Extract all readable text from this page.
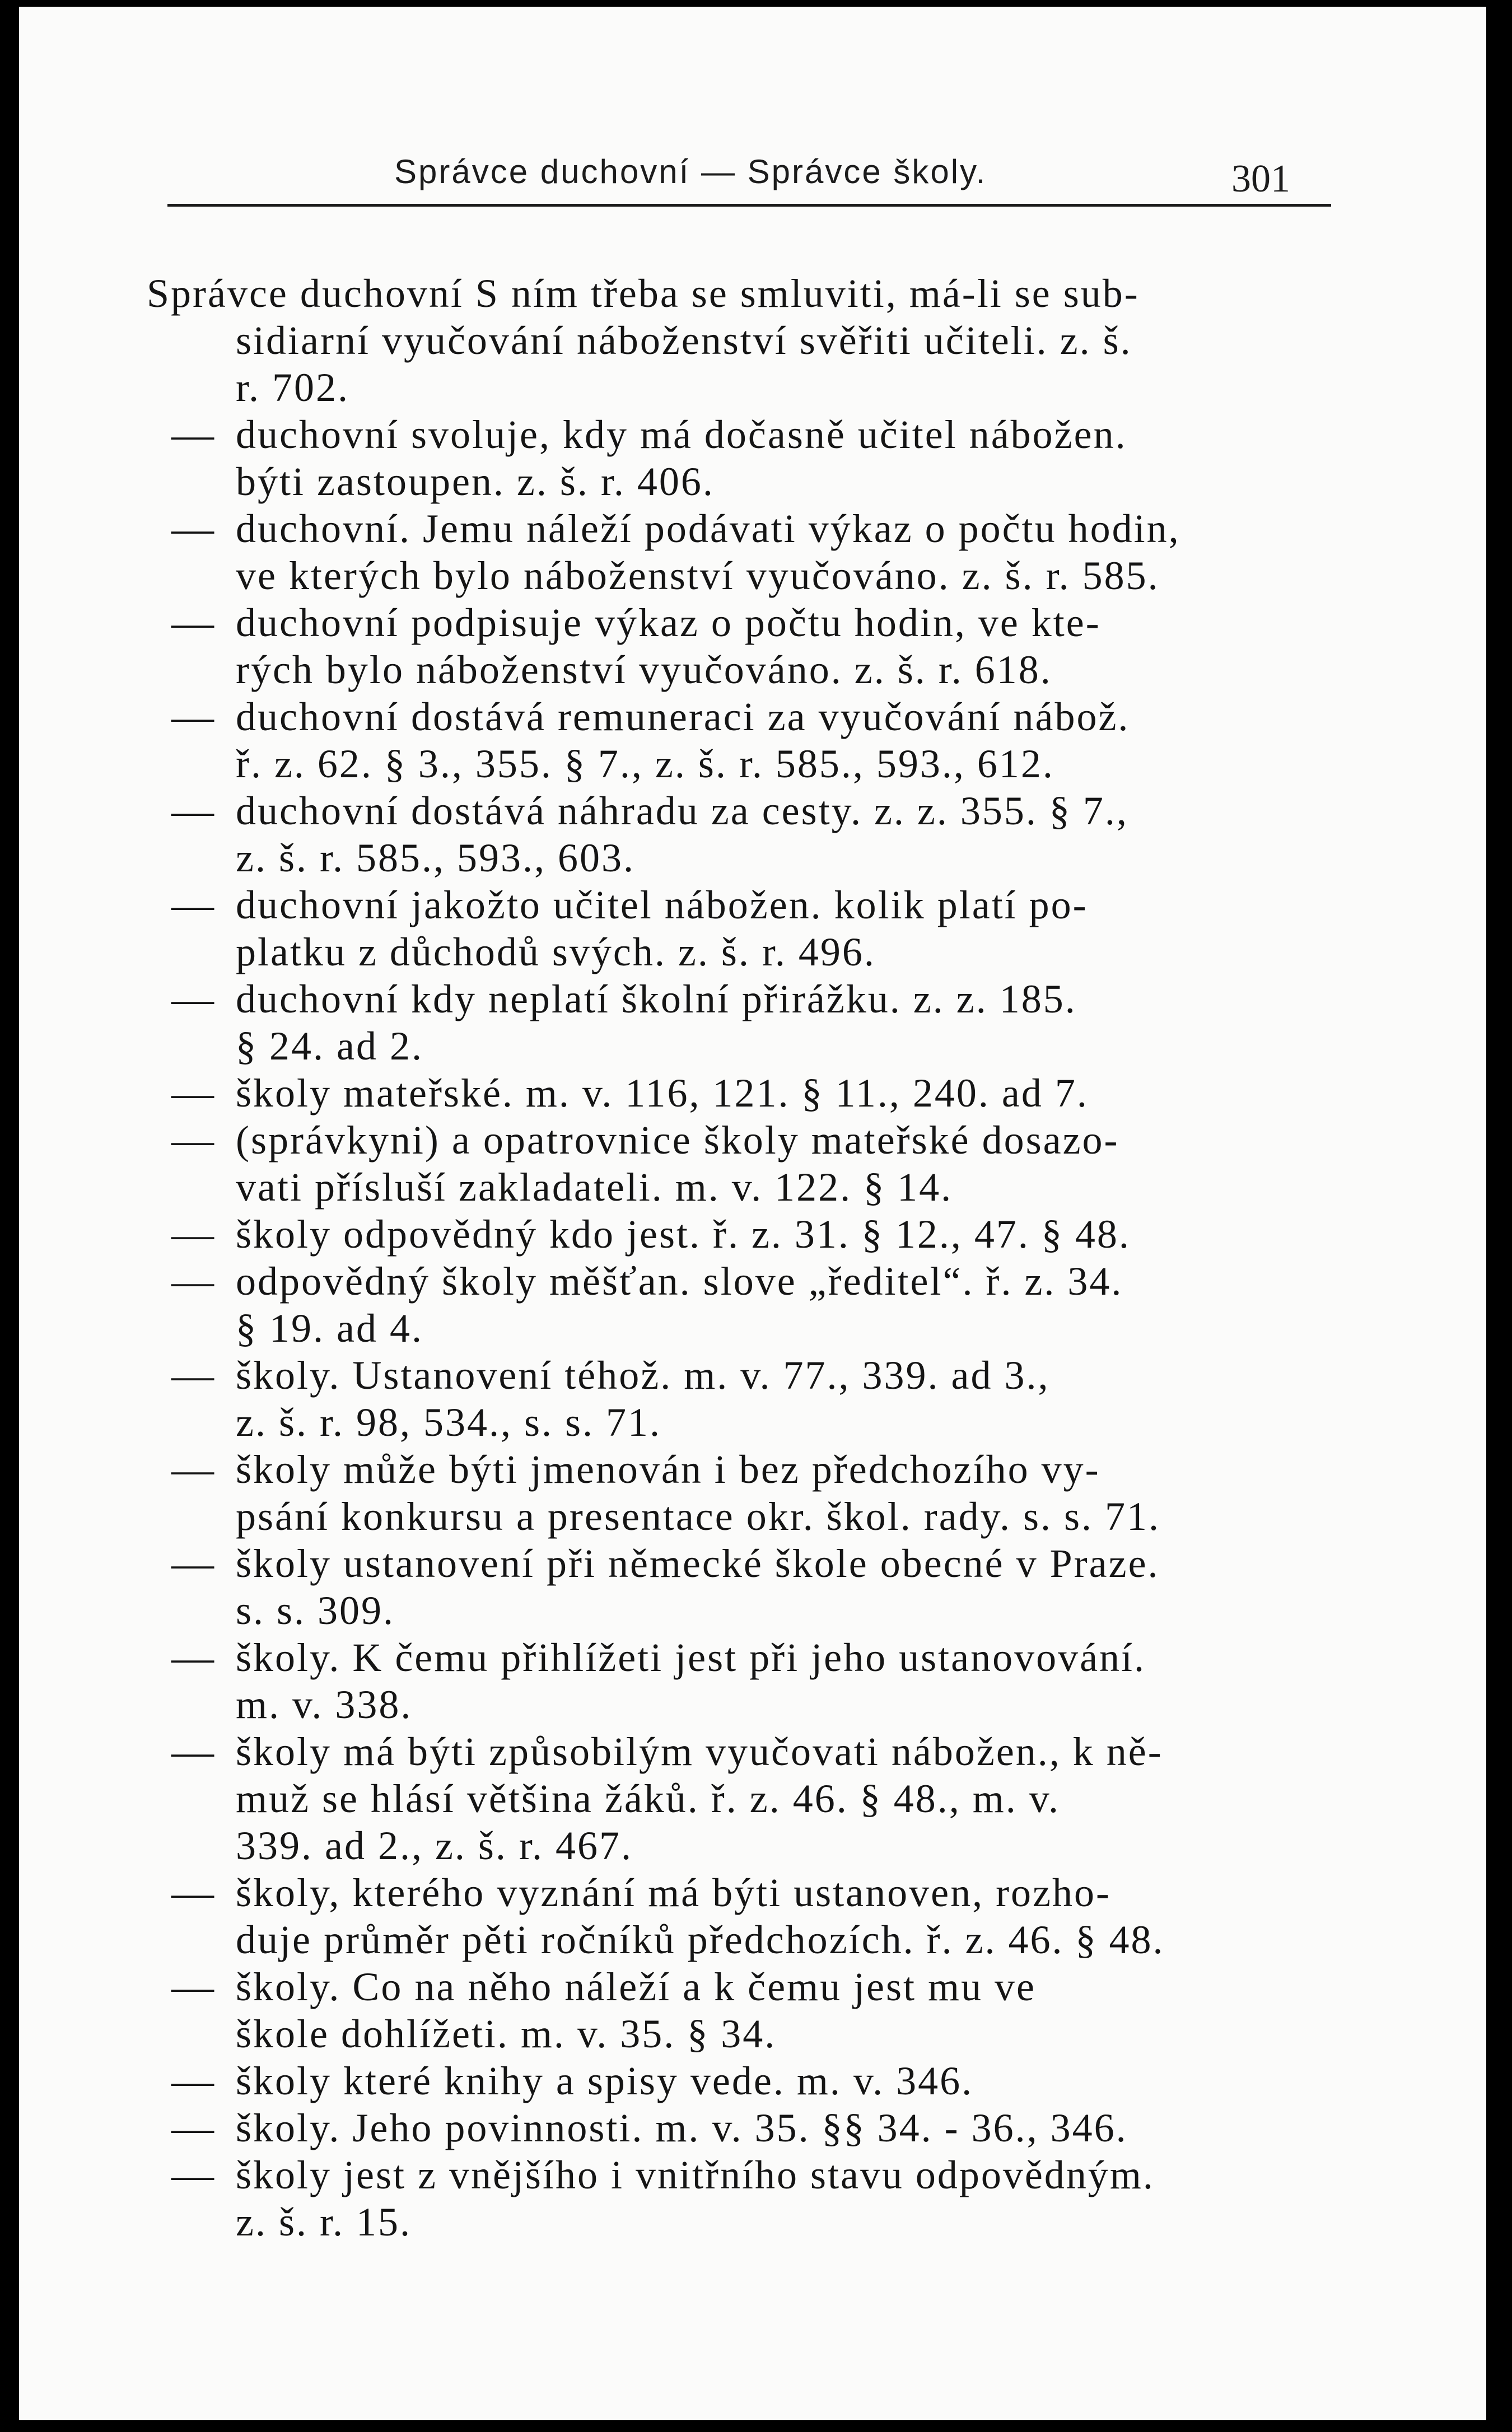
Správce duchovní — Správce školy.	301
Správce duchovní S ním třeba se smluviti, má-li se sub-
sidiarní vyučování náboženství svěřiti učiteli. z. š.
r. 702.
— duchovní svoluje, kdy má dočasně učitel nábožen.
býti zastoupen. z. š. r. 406.
— duchovní. Jemu náleží podávati výkaz o počtu hodin,
ve kterých bylo náboženství vyučováno. z. š. r. 585.
— duchovní podpisuje výkaz o počtu hodin, ve kte-
rých bylo náboženství vyučováno. z. š. r. 618.
— duchovní dostává remuneraci za vyučování nábož.
ř. z. 62. § 3., 355. § 7., z. š. r. 585., 593., 612.
— duchovní dostává náhradu za cesty. z. z. 355. § 7.,
z. š. r. 585., 593., 603.
— duchovní jakožto učitel nábožen. kolik platí po-
platku z důchodů svých. z. š. r. 496.
— duchovní kdy neplatí školní přirážku. z. z. 185.
§ 24. ad 2.
— školy mateřské. m. v. 116, 121. § 11., 240. ad 7.
— (správkyni) a opatrovnice školy mateřské dosazo-
vati přísluší zakladateli. m. v. 122. § 14.
— školy odpovědný kdo jest. ř. z. 31. § 12., 47. § 48.
— odpovědný školy měšťan. slove „ředitel“. ř. z. 34.
§ 19. ad 4.
— školy. Ustanovení téhož. m. v. 77., 339. ad 3.,
z. š. r. 98, 534., s. s. 71.
— školy může býti jmenován i bez předchozího vy-
psání konkursu a presentace okr. škol. rady. s. s. 71.
— školy ustanovení při německé škole obecné v Praze.
s. s. 309.
— školy. K čemu přihlížeti jest při jeho ustanovování.
m. v. 338.
— školy má býti způsobilým vyučovati nábožen., k ně-
muž se hlásí většina žáků. ř. z. 46. § 48., m. v.
339. ad 2., z. š. r. 467.
— školy, kterého vyznání má býti ustanoven, rozho-
duje průměr pěti ročníků předchozích. ř. z. 46. § 48.
— školy. Co na něho náleží a k čemu jest mu ve
škole dohlížeti. m. v. 35. § 34.
— školy které knihy a spisy vede. m. v. 346.
— školy. Jeho povinnosti. m. v. 35. §§ 34. - 36., 346.
— školy jest z vnějšího i vnitřního stavu odpovědným.
z. š. r. 15.
